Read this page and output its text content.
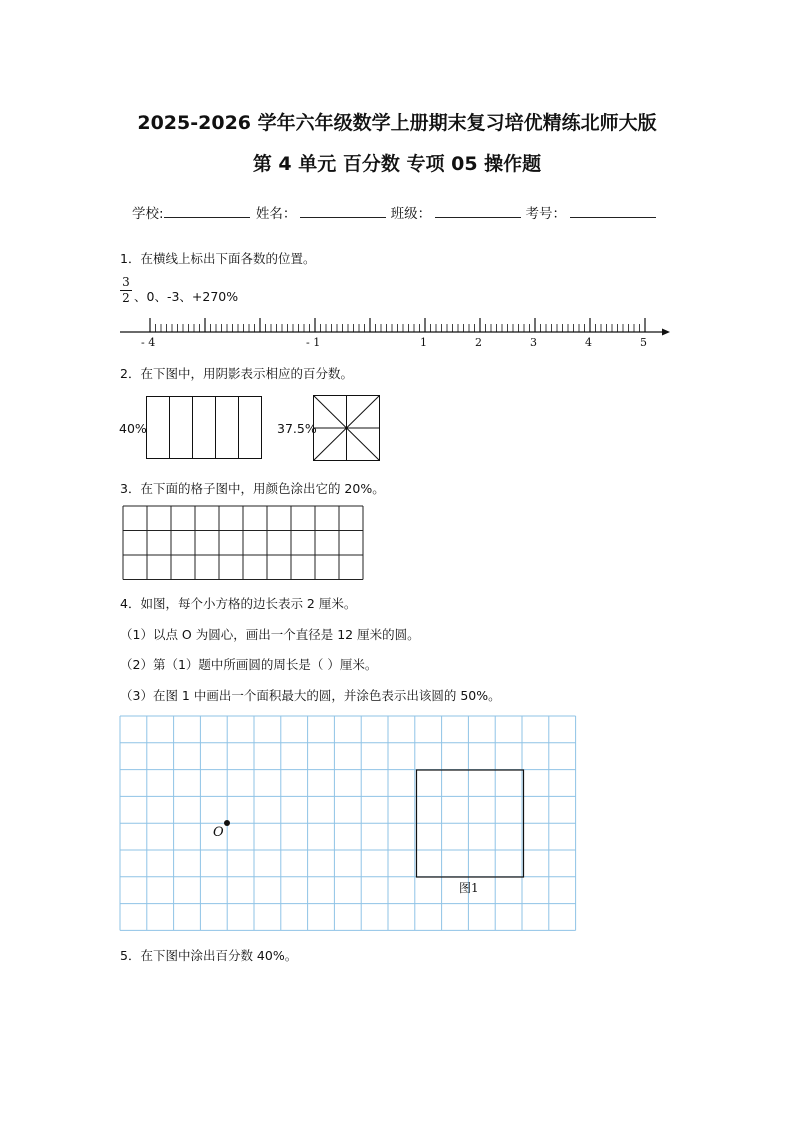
2025-2026 学年六年级数学上册期末复习培优精练北师大版
第 4 单元 百分数 专项 05 操作题
学校:	姓名：	班级：	考号：
1．在横线上标出下面各数的位置。
3
2 、0、-3、+270%
- 4	- 1	1	2	3	4	5
2．在下图中，用阴影表示相应的百分数。
40%	37.5%
3．在下面的格子图中，用颜色涂出它的 20%。
4．如图，每个小方格的边长表示 2 厘米。
（1）以点 O 为圆心，画出一个直径是 12 厘米的圆。
（2）第（1）题中所画圆的周长是（ ）厘米。
（3）在图 1 中画出一个面积最大的圆，并涂色表示出该圆的 50%。
O
图1
5．在下图中涂出百分数 40%。
